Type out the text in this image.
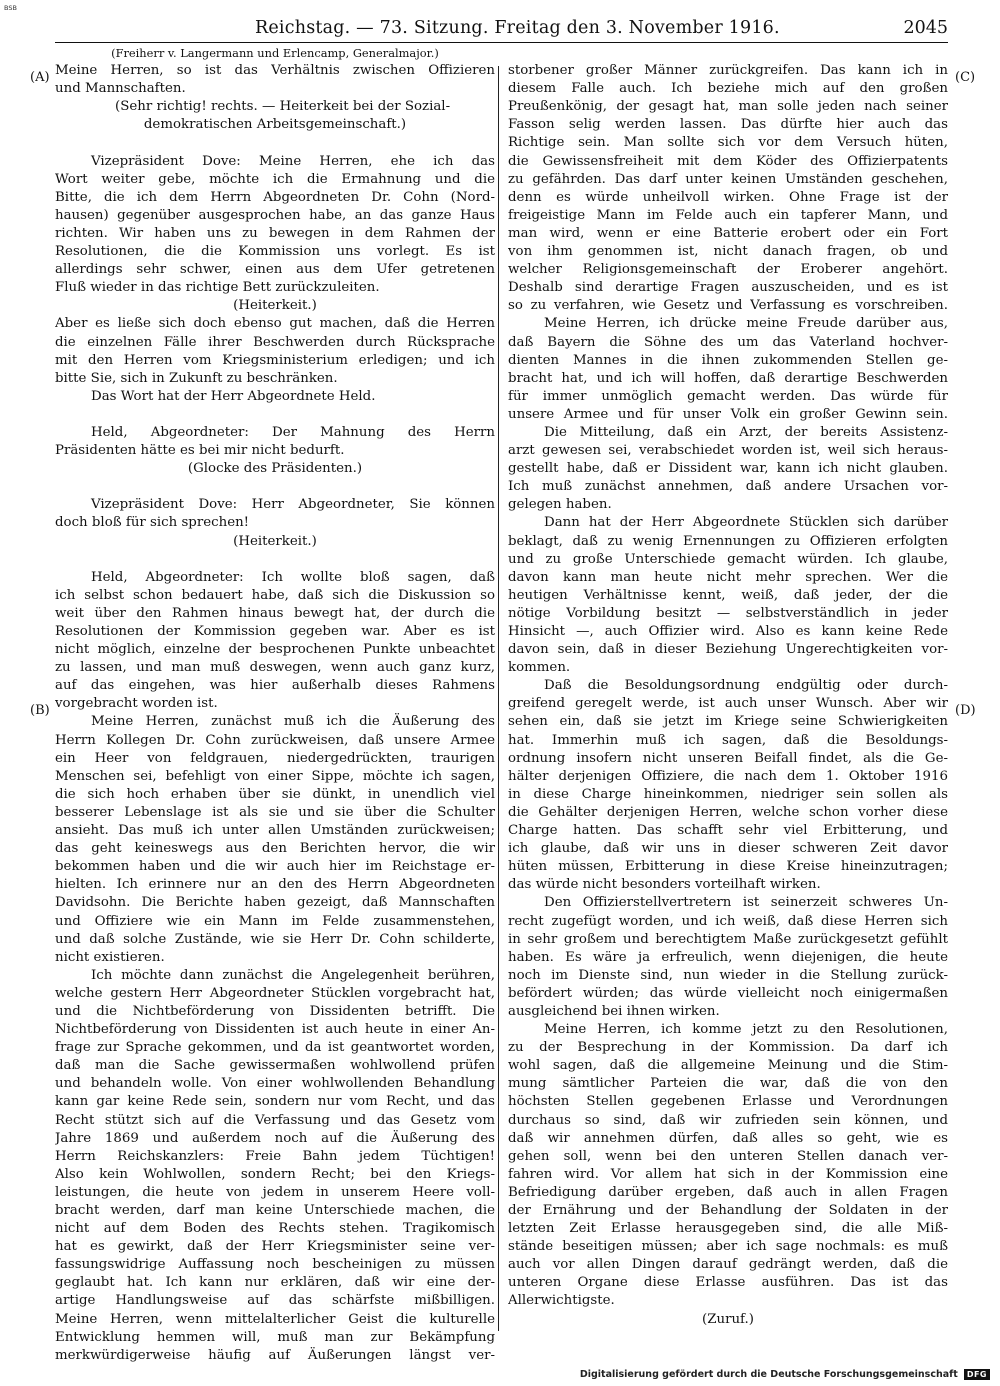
BSB
Reichstag. — 73. Sitzung. Freitag den 3. November 1916.	2045
(A)
(B)
(C)
(D)
(Freiherr v. Langermann und Erlencamp, Generalmajor.)
Meine Herren, so ist das Verhältnis zwischen Offizieren
und Mannschaften.
(Sehr richtig! rechts. — Heiterkeit bei der Sozial-
demokratischen Arbeitsgemeinschaft.)
Vizepräsident Dove: Meine Herren, ehe ich das
Wort weiter gebe, möchte ich die Ermahnung und die
Bitte, die ich dem Herrn Abgeordneten Dr. Cohn (Nord-
hausen) gegenüber ausgesprochen habe, an das ganze Haus
richten. Wir haben uns zu bewegen in dem Rahmen der
Resolutionen, die die Kommission uns vorlegt. Es ist
allerdings sehr schwer, einen aus dem Ufer getretenen
Fluß wieder in das richtige Bett zurückzuleiten.
(Heiterkeit.)
Aber es ließe sich doch ebenso gut machen, daß die Herren
die einzelnen Fälle ihrer Beschwerden durch Rücksprache
mit den Herren vom Kriegsministerium erledigen; und ich
bitte Sie, sich in Zukunft zu beschränken.
Das Wort hat der Herr Abgeordnete Held.
Held, Abgeordneter: Der Mahnung des Herrn
Präsidenten hätte es bei mir nicht bedurft.
(Glocke des Präsidenten.)
Vizepräsident Dove: Herr Abgeordneter, Sie können
doch bloß für sich sprechen!
(Heiterkeit.)
Held, Abgeordneter: Ich wollte bloß sagen, daß
ich selbst schon bedauert habe, daß sich die Diskussion so
weit über den Rahmen hinaus bewegt hat, der durch die
Resolutionen der Kommission gegeben war. Aber es ist
nicht möglich, einzelne der besprochenen Punkte unbeachtet
zu lassen, und man muß deswegen, wenn auch ganz kurz,
auf das eingehen, was hier außerhalb dieses Rahmens
vorgebracht worden ist.
Meine Herren, zunächst muß ich die Äußerung des
Herrn Kollegen Dr. Cohn zurückweisen, daß unsere Armee
ein Heer von feldgrauen, niedergedrückten, traurigen
Menschen sei, befehligt von einer Sippe, möchte ich sagen,
die sich hoch erhaben über sie dünkt, in unendlich viel
besserer Lebenslage ist als sie und sie über die Schulter
ansieht. Das muß ich unter allen Umständen zurückweisen;
das geht keineswegs aus den Berichten hervor, die wir
bekommen haben und die wir auch hier im Reichstage er-
hielten. Ich erinnere nur an den des Herrn Abgeordneten
Davidsohn. Die Berichte haben gezeigt, daß Mannschaften
und Offiziere wie ein Mann im Felde zusammenstehen,
und daß solche Zustände, wie sie Herr Dr. Cohn schilderte,
nicht existieren.
Ich möchte dann zunächst die Angelegenheit berühren,
welche gestern Herr Abgeordneter Stücklen vorgebracht hat,
und die Nichtbeförderung von Dissidenten betrifft. Die
Nichtbeförderung von Dissidenten ist auch heute in einer An-
frage zur Sprache gekommen, und da ist geantwortet worden,
daß man die Sache gewissermaßen wohlwollend prüfen
und behandeln wolle. Von einer wohlwollenden Behandlung
kann gar keine Rede sein, sondern nur vom Recht, und das
Recht stützt sich auf die Verfassung und das Gesetz vom
Jahre 1869 und außerdem noch auf die Äußerung des
Herrn Reichskanzlers: Freie Bahn jedem Tüchtigen!
Also kein Wohlwollen, sondern Recht; bei den Kriegs-
leistungen, die heute von jedem in unserem Heere voll-
bracht werden, darf man keine Unterschiede machen, die
nicht auf dem Boden des Rechts stehen. Tragikomisch
hat es gewirkt, daß der Herr Kriegsminister seine ver-
fassungswidrige Auffassung noch bescheinigen zu müssen
geglaubt hat. Ich kann nur erklären, daß wir eine der-
artige Handlungsweise auf das schärfste mißbilligen.
Meine Herren, wenn mittelalterlicher Geist die kulturelle
Entwicklung hemmen will, muß man zur Bekämpfung
merkwürdigerweise häufig auf Äußerungen längst ver-
storbener großer Männer zurückgreifen. Das kann ich in
diesem Falle auch. Ich beziehe mich auf den großen
Preußenkönig, der gesagt hat, man solle jeden nach seiner
Fasson selig werden lassen. Das dürfte hier auch das
Richtige sein. Man sollte sich vor dem Versuch hüten,
die Gewissensfreiheit mit dem Köder des Offizierpatents
zu gefährden. Das darf unter keinen Umständen geschehen,
denn es würde unheilvoll wirken. Ohne Frage ist der
freigeistige Mann im Felde auch ein tapferer Mann, und
man wird, wenn er eine Batterie erobert oder ein Fort
von ihm genommen ist, nicht danach fragen, ob und
welcher Religionsgemeinschaft der Eroberer angehört.
Deshalb sind derartige Fragen auszuscheiden, und es ist
so zu verfahren, wie Gesetz und Verfassung es vorschreiben.
Meine Herren, ich drücke meine Freude darüber aus,
daß Bayern die Söhne des um das Vaterland hochver-
dienten Mannes in die ihnen zukommenden Stellen ge-
bracht hat, und ich will hoffen, daß derartige Beschwerden
für immer unmöglich gemacht werden. Das würde für
unsere Armee und für unser Volk ein großer Gewinn sein.
Die Mitteilung, daß ein Arzt, der bereits Assistenz-
arzt gewesen sei, verabschiedet worden ist, weil sich heraus-
gestellt habe, daß er Dissident war, kann ich nicht glauben.
Ich muß zunächst annehmen, daß andere Ursachen vor-
gelegen haben.
Dann hat der Herr Abgeordnete Stücklen sich darüber
beklagt, daß zu wenig Ernennungen zu Offizieren erfolgten
und zu große Unterschiede gemacht würden. Ich glaube,
davon kann man heute nicht mehr sprechen. Wer die
heutigen Verhältnisse kennt, weiß, daß jeder, der die
nötige Vorbildung besitzt — selbstverständlich in jeder
Hinsicht —, auch Offizier wird. Also es kann keine Rede
davon sein, daß in dieser Beziehung Ungerechtigkeiten vor-
kommen.
Daß die Besoldungsordnung endgültig oder durch-
greifend geregelt werde, ist auch unser Wunsch. Aber wir
sehen ein, daß sie jetzt im Kriege seine Schwierigkeiten
hat. Immerhin muß ich sagen, daß die Besoldungs-
ordnung insofern nicht unseren Beifall findet, als die Ge-
hälter derjenigen Offiziere, die nach dem 1. Oktober 1916
in diese Charge hineinkommen, niedriger sein sollen als
die Gehälter derjenigen Herren, welche schon vorher diese
Charge hatten. Das schafft sehr viel Erbitterung, und
ich glaube, daß wir uns in dieser schweren Zeit davor
hüten müssen, Erbitterung in diese Kreise hineinzutragen;
das würde nicht besonders vorteilhaft wirken.
Den Offizierstellvertretern ist seinerzeit schweres Un-
recht zugefügt worden, und ich weiß, daß diese Herren sich
in sehr großem und berechtigtem Maße zurückgesetzt gefühlt
haben. Es wäre ja erfreulich, wenn diejenigen, die heute
noch im Dienste sind, nun wieder in die Stellung zurück-
befördert würden; das würde vielleicht noch einigermaßen
ausgleichend bei ihnen wirken.
Meine Herren, ich komme jetzt zu den Resolutionen,
zu der Besprechung in der Kommission. Da darf ich
wohl sagen, daß die allgemeine Meinung und die Stim-
mung sämtlicher Parteien die war, daß die von den
höchsten Stellen gegebenen Erlasse und Verordnungen
durchaus so sind, daß wir zufrieden sein können, und
daß wir annehmen dürfen, daß alles so geht, wie es
gehen soll, wenn bei den unteren Stellen danach ver-
fahren wird. Vor allem hat sich in der Kommission eine
Befriedigung darüber ergeben, daß auch in allen Fragen
der Ernährung und der Behandlung der Soldaten in der
letzten Zeit Erlasse herausgegeben sind, die alle Miß-
stände beseitigen müssen; aber ich sage nochmals: es muß
auch vor allen Dingen darauf gedrängt werden, daß die
unteren Organe diese Erlasse ausführen. Das ist das
Allerwichtigste.
(Zuruf.)
Digitalisierung gefördert durch die Deutsche Forschungsgemeinschaft	DFG
